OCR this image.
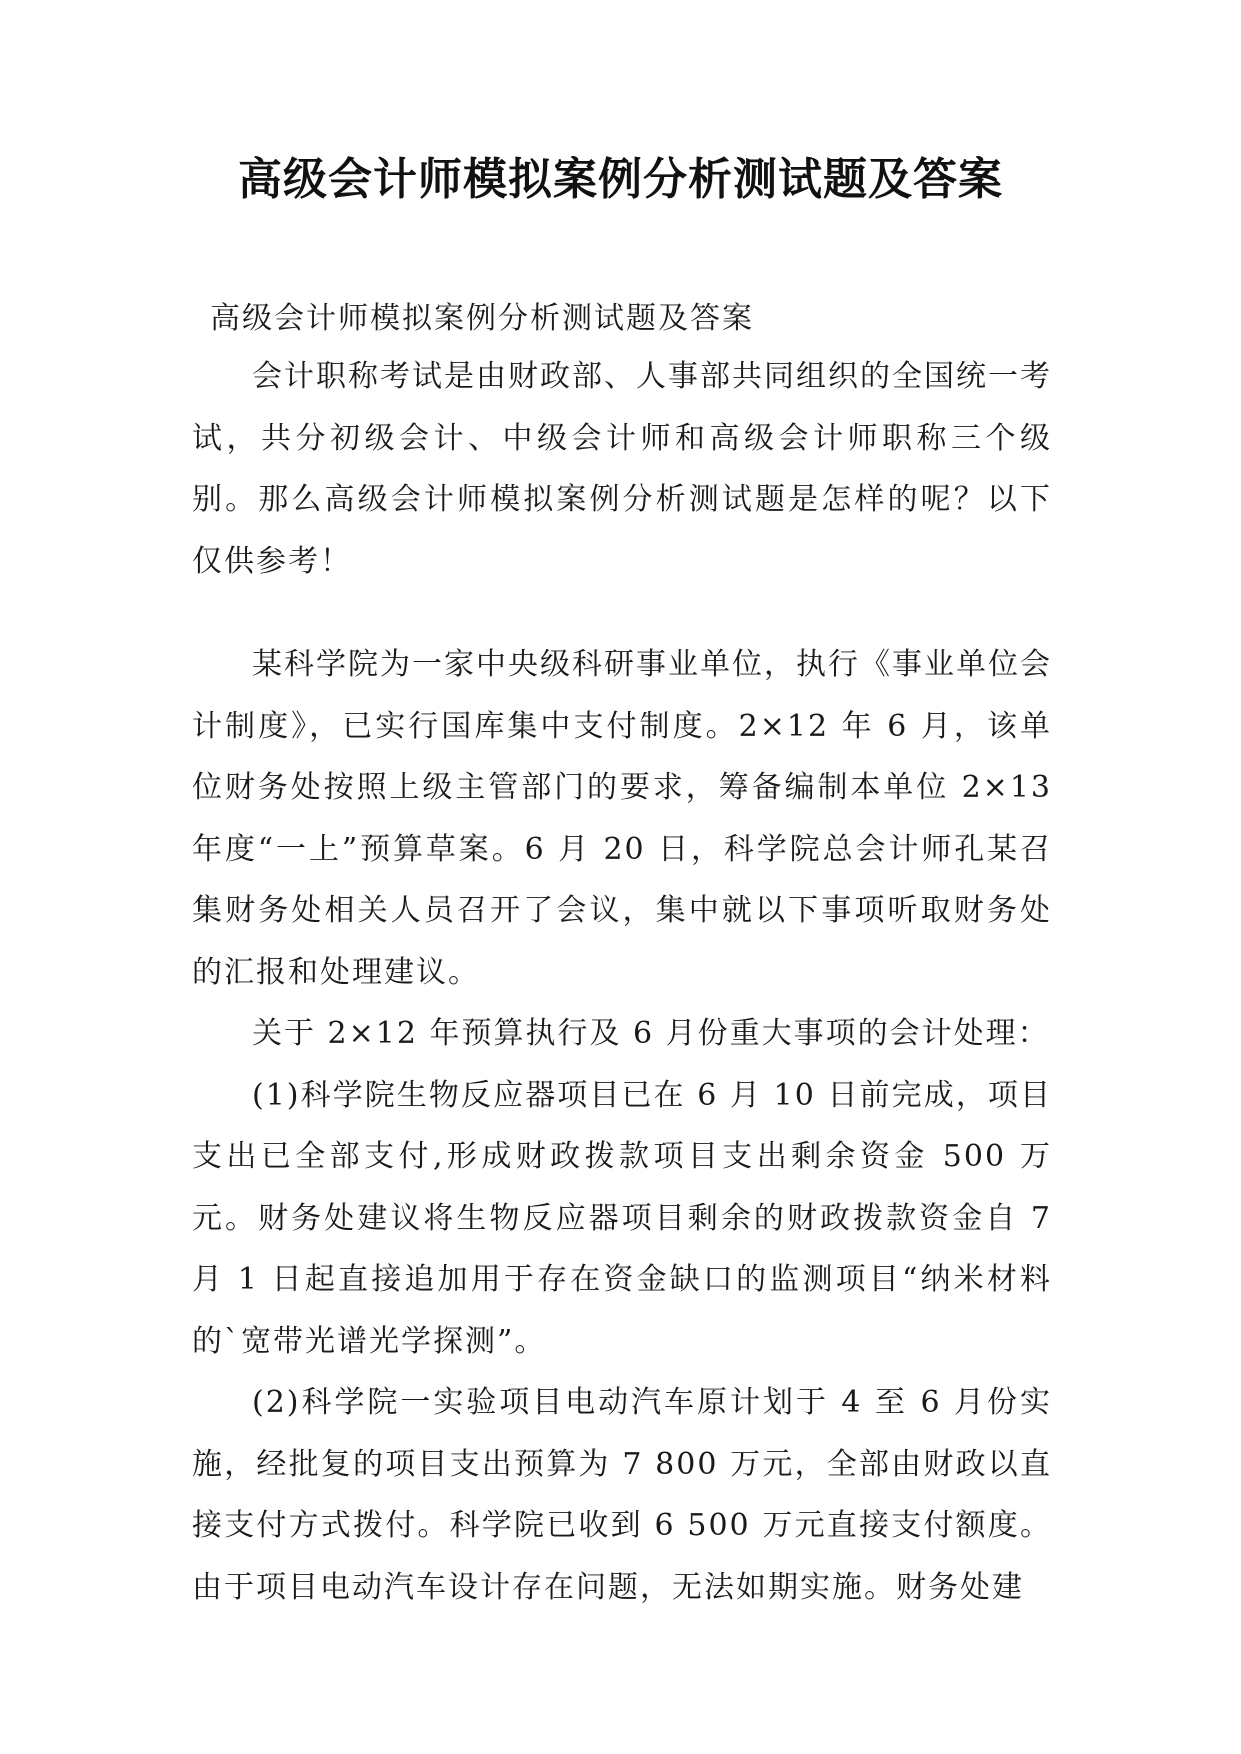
高级会计师模拟案例分析测试题及答案
高级会计师模拟案例分析测试题及答案

会计职称考试是由财政部、人事部共同组织的全国统一考试，共分初级会计、中级会计师和高级会计师职称三个级别。那么高级会计师模拟案例分析测试题是怎样的呢？以下仅供参考！

某科学院为一家中央级科研事业单位，执行《事业单位会计制度》，已实行国库集中支付制度。2×12 年 6 月，该单位财务处按照上级主管部门的要求，筹备编制本单位 2×13 年度“一上”预算草案。6 月 20 日，科学院总会计师孔某召集财务处相关人员召开了会议，集中就以下事项听取财务处的汇报和处理建议。

关于 2×12 年预算执行及 6 月份重大事项的会计处理：

(1)科学院生物反应器项目已在 6 月 10 日前完成，项目支出已全部支付,形成财政拨款项目支出剩余资金 500 万元。财务处建议将生物反应器项目剩余的财政拨款资金自 7 月 1 日起直接追加用于存在资金缺口的监测项目“纳米材料的`宽带光谱光学探测”。

(2)科学院一实验项目电动汽车原计划于 4 至 6 月份实施，经批复的项目支出预算为 7 800 万元，全部由财政以直接支付方式拨付。科学院已收到 6 500 万元直接支付额度。由于项目电动汽车设计存在问题，无法如期实施。财务处建
